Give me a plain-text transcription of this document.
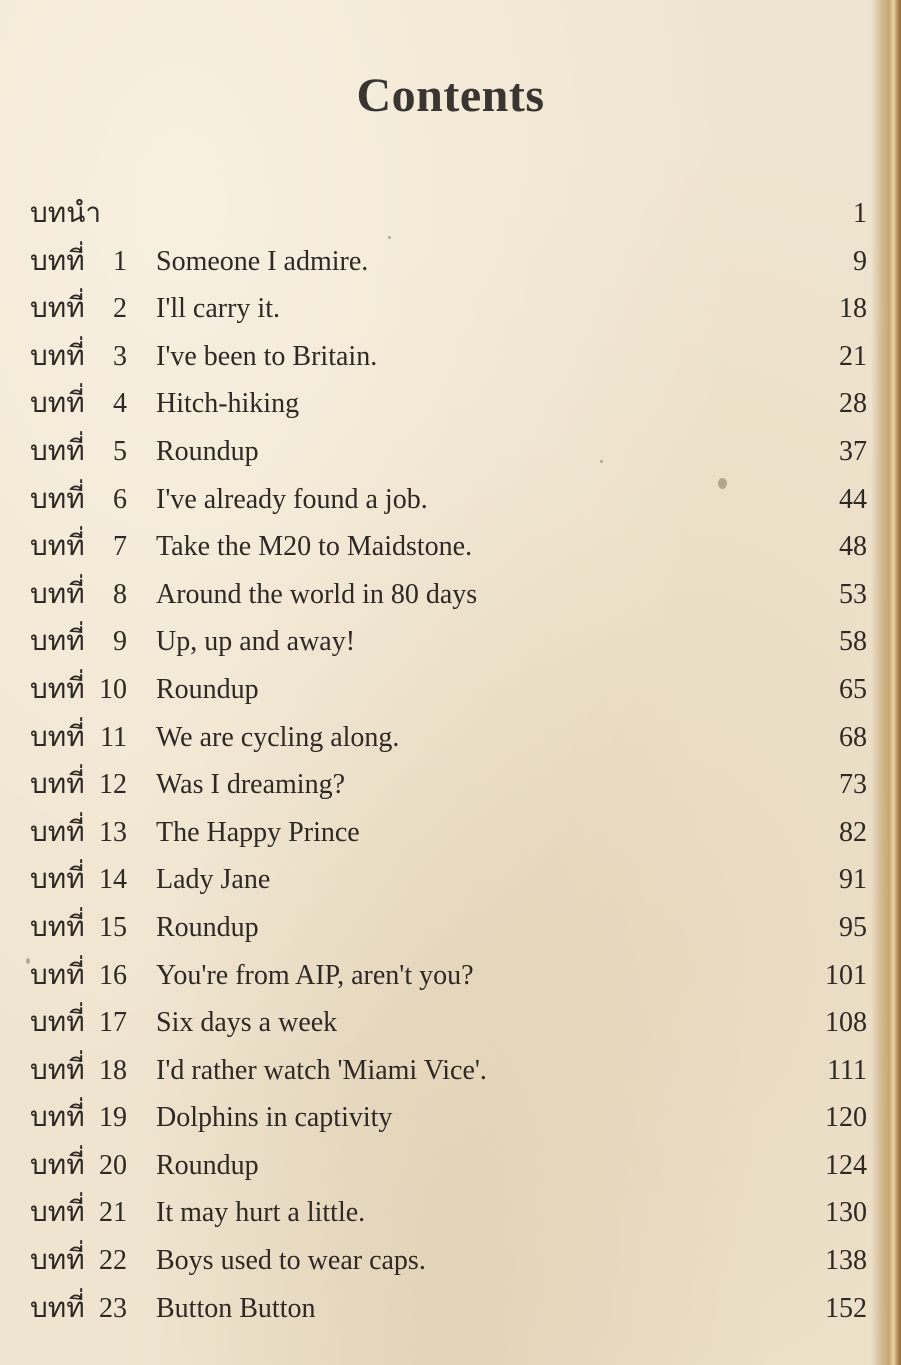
Contents
บทนำ	1
บทที่	1 Someone I admire.	9
บทที่	2 I'll carry it.	18
บทที่	3 I've been to Britain.	21
บทที่	4 Hitch-hiking	28
บทที่	5 Roundup	37
บทที่	6 I've already found a job.	44
บทที่	7 Take the M20 to Maidstone.	48
บทที่	8 Around the world in 80 days	53
บทที่	9 Up, up and away!	58
บทที่ 10 Roundup	65
บทที่ 11 We are cycling along.	68
บทที่ 12 Was I dreaming?	73
บทที่ 13 The Happy Prince	82
บทที่ 14 Lady Jane	91
บทที่ 15 Roundup	95
บทที่ 16 You're from AIP, aren't you?	101
บทที่ 17 Six days a week	108
บทที่ 18 I'd rather watch 'Miami Vice'.	111
บทที่ 19 Dolphins in captivity	120
บทที่ 20 Roundup	124
บทที่ 21 It may hurt a little.	130
บทที่ 22 Boys used to wear caps.	138
บทที่ 23 Button Button	152
